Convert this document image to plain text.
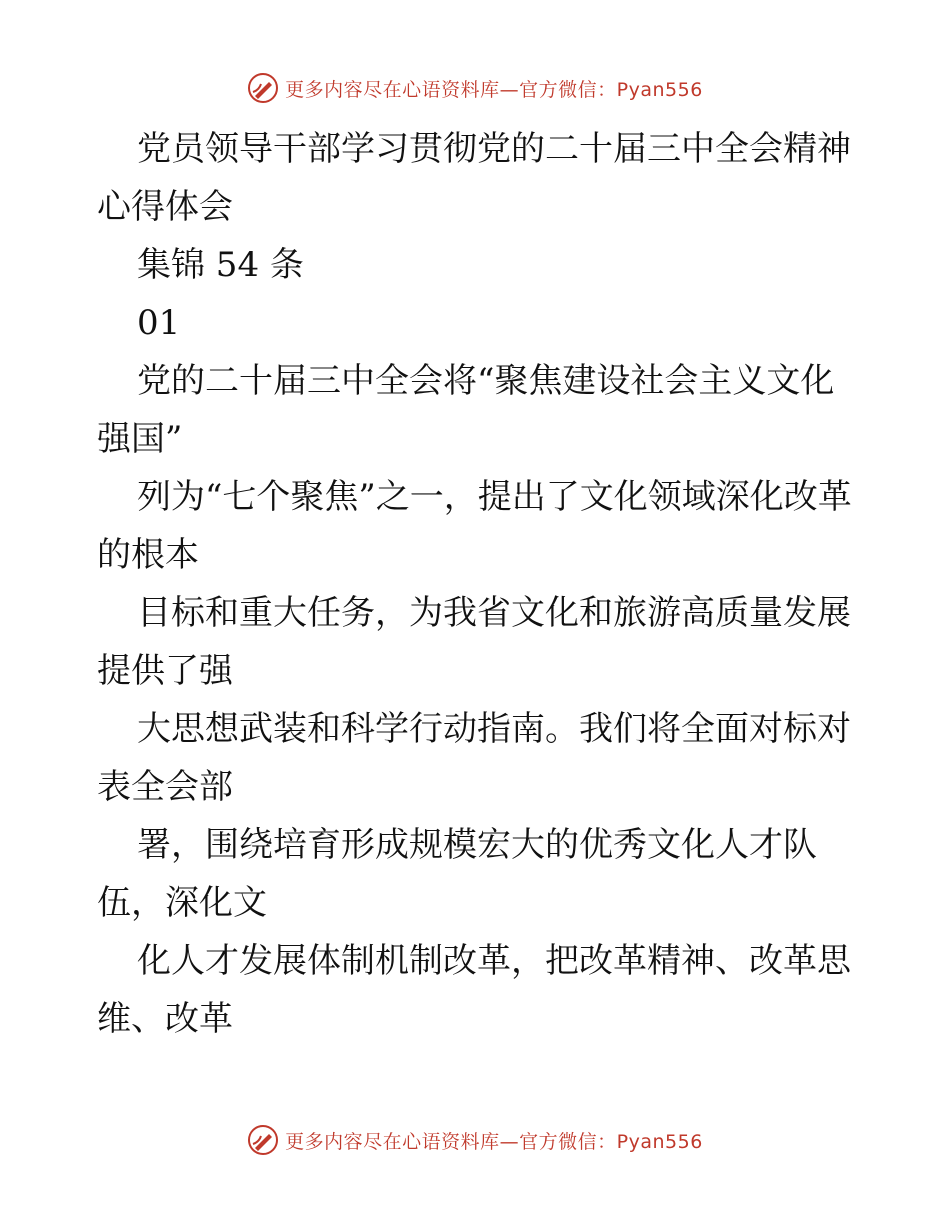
更多内容尽在心语资料库—官方微信：Pyan556

党员领导干部学习贯彻党的二十届三中全会精神心得体会

集锦 54 条

01

党的二十届三中全会将“聚焦建设社会主义文化强国”

列为“七个聚焦”之一，提出了文化领域深化改革的根本

目标和重大任务，为我省文化和旅游高质量发展提供了强

大思想武装和科学行动指南。我们将全面对标对表全会部

署，围绕培育形成规模宏大的优秀文化人才队伍，深化文

化人才发展体制机制改革，把改革精神、改革思维、改革

更多内容尽在心语资料库—官方微信：Pyan556
